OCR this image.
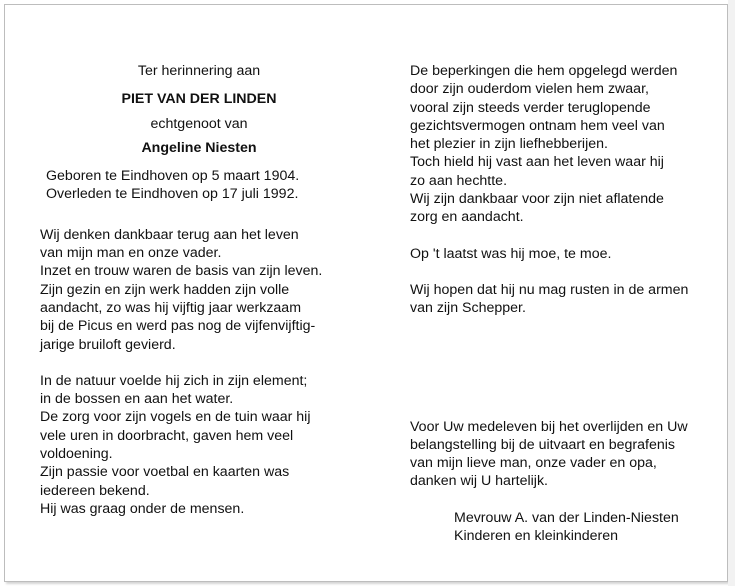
Ter herinnering aan
PIET VAN DER LINDEN
echtgenoot van
Angeline Niesten
Geboren te Eindhoven op 5 maart 1904.
Overleden te Eindhoven op 17 juli 1992.
Wij denken dankbaar terug aan het leven
van mijn man en onze vader.
Inzet en trouw waren de basis van zijn leven.
Zijn gezin en zijn werk hadden zijn volle
aandacht, zo was hij vijftig jaar werkzaam
bij de Picus en werd pas nog de vijfenvijftig-
jarige bruiloft gevierd.
In de natuur voelde hij zich in zijn element;
in de bossen en aan het water.
De zorg voor zijn vogels en de tuin waar hij
vele uren in doorbracht, gaven hem veel
voldoening.
Zijn passie voor voetbal en kaarten was
iedereen bekend.
Hij was graag onder de mensen.
De beperkingen die hem opgelegd werden
door zijn ouderdom vielen hem zwaar,
vooral zijn steeds verder teruglopende
gezichtsvermogen ontnam hem veel van
het plezier in zijn liefhebberijen.
Toch hield hij vast aan het leven waar hij
zo aan hechtte.
Wij zijn dankbaar voor zijn niet aflatende
zorg en aandacht.
Op 't laatst was hij moe, te moe.
Wij hopen dat hij nu mag rusten in de armen
van zijn Schepper.
Voor Uw medeleven bij het overlijden en Uw
belangstelling bij de uitvaart en begrafenis
van mijn lieve man, onze vader en opa,
danken wij U hartelijk.
Mevrouw A. van der Linden-Niesten
Kinderen en kleinkinderen
